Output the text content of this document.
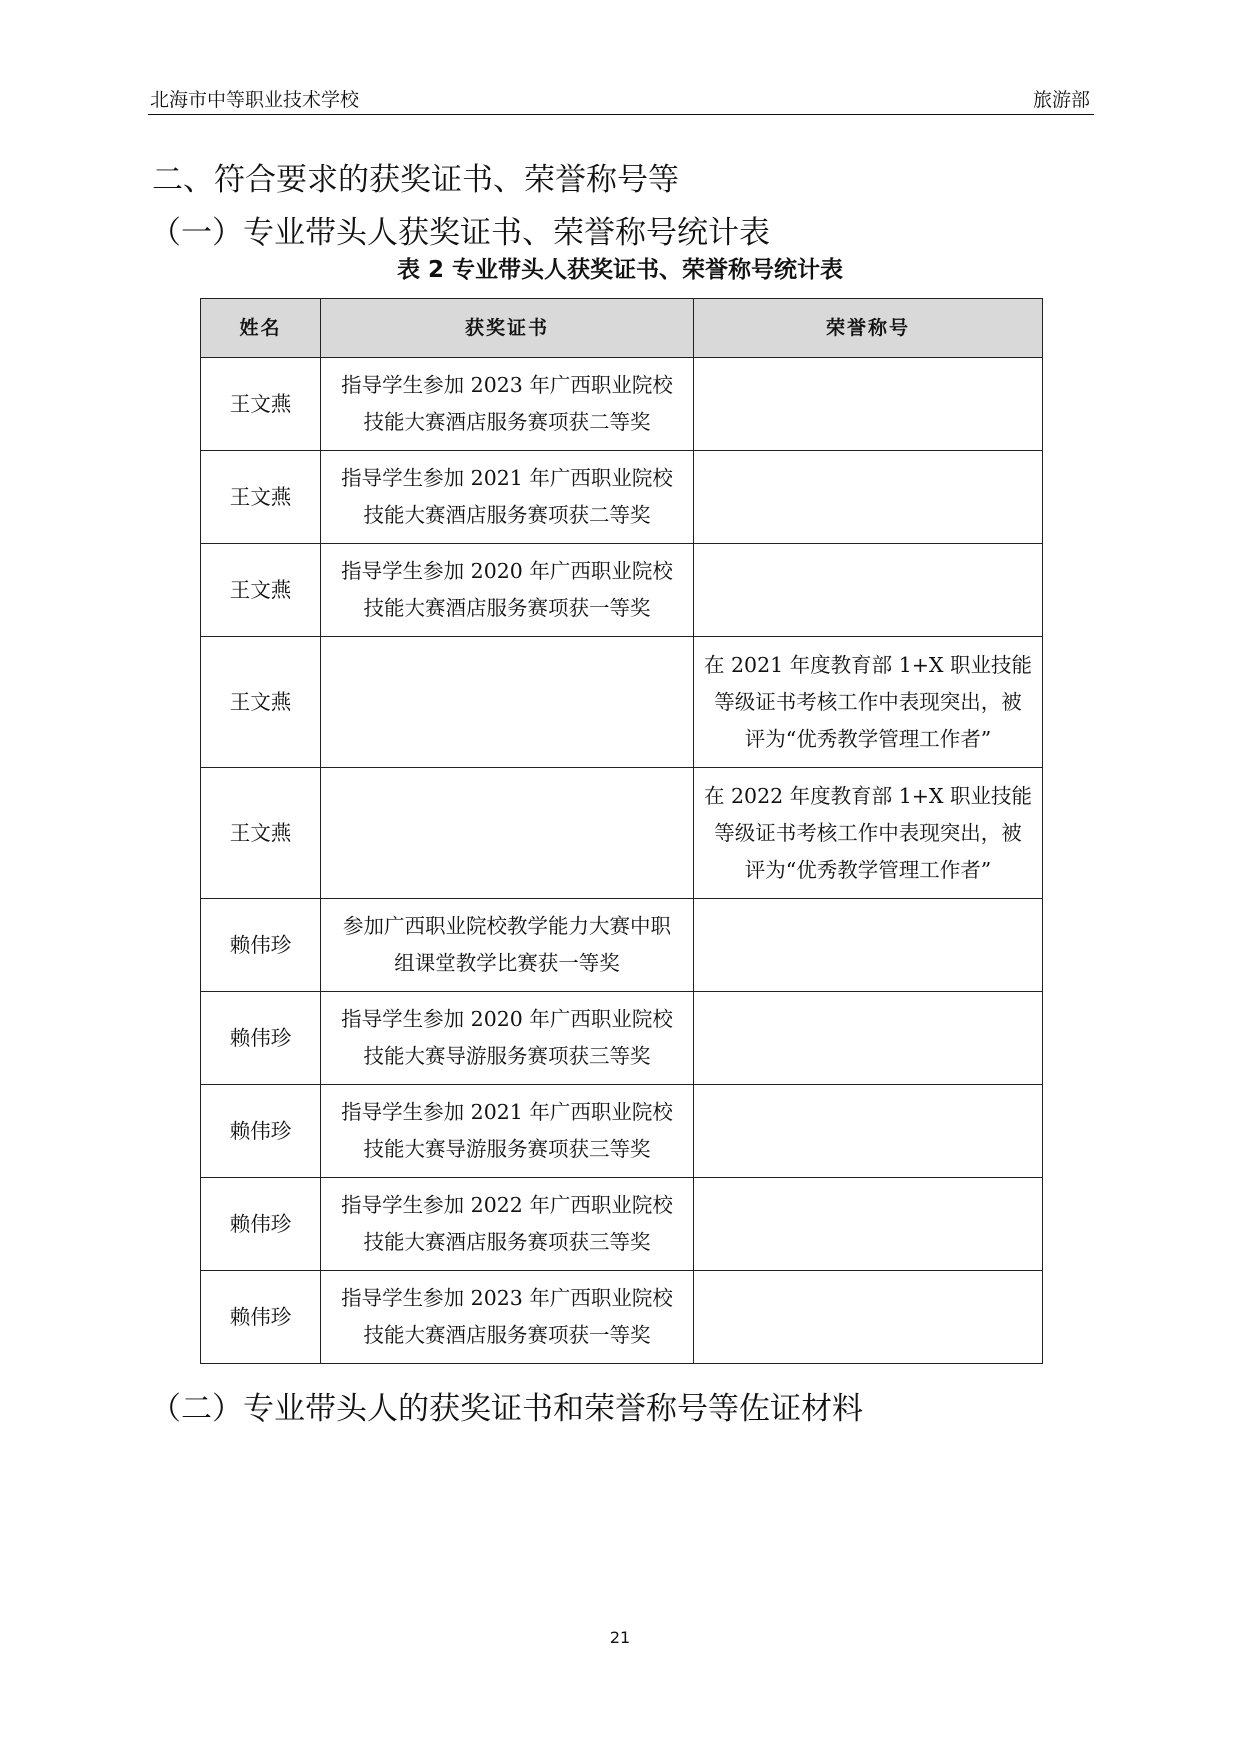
北海市中等职业技术学校	旅游部
二、符合要求的获奖证书、荣誉称号等
（一）专业带头人获奖证书、荣誉称号统计表
表 2 专业带头人获奖证书、荣誉称号统计表
姓名	获奖证书	荣誉称号
王文燕	指导学生参加 2023 年广西职业院校
技能大赛酒店服务赛项获二等奖	

王文燕	指导学生参加 2021 年广西职业院校
技能大赛酒店服务赛项获二等奖	

王文燕	指导学生参加 2020 年广西职业院校
技能大赛酒店服务赛项获一等奖	

王文燕		在 2021 年度教育部 1+X 职业技能
等级证书考核工作中表现突出，被
评为“优秀教学管理工作者”

王文燕		在 2022 年度教育部 1+X 职业技能
等级证书考核工作中表现突出，被
评为“优秀教学管理工作者”

赖伟珍	参加广西职业院校教学能力大赛中职
组课堂教学比赛获一等奖	

赖伟珍	指导学生参加 2020 年广西职业院校
技能大赛导游服务赛项获三等奖	

赖伟珍	指导学生参加 2021 年广西职业院校
技能大赛导游服务赛项获三等奖	

赖伟珍	指导学生参加 2022 年广西职业院校
技能大赛酒店服务赛项获三等奖	

赖伟珍	指导学生参加 2023 年广西职业院校
技能大赛酒店服务赛项获一等奖	

（二）专业带头人的获奖证书和荣誉称号等佐证材料
21
